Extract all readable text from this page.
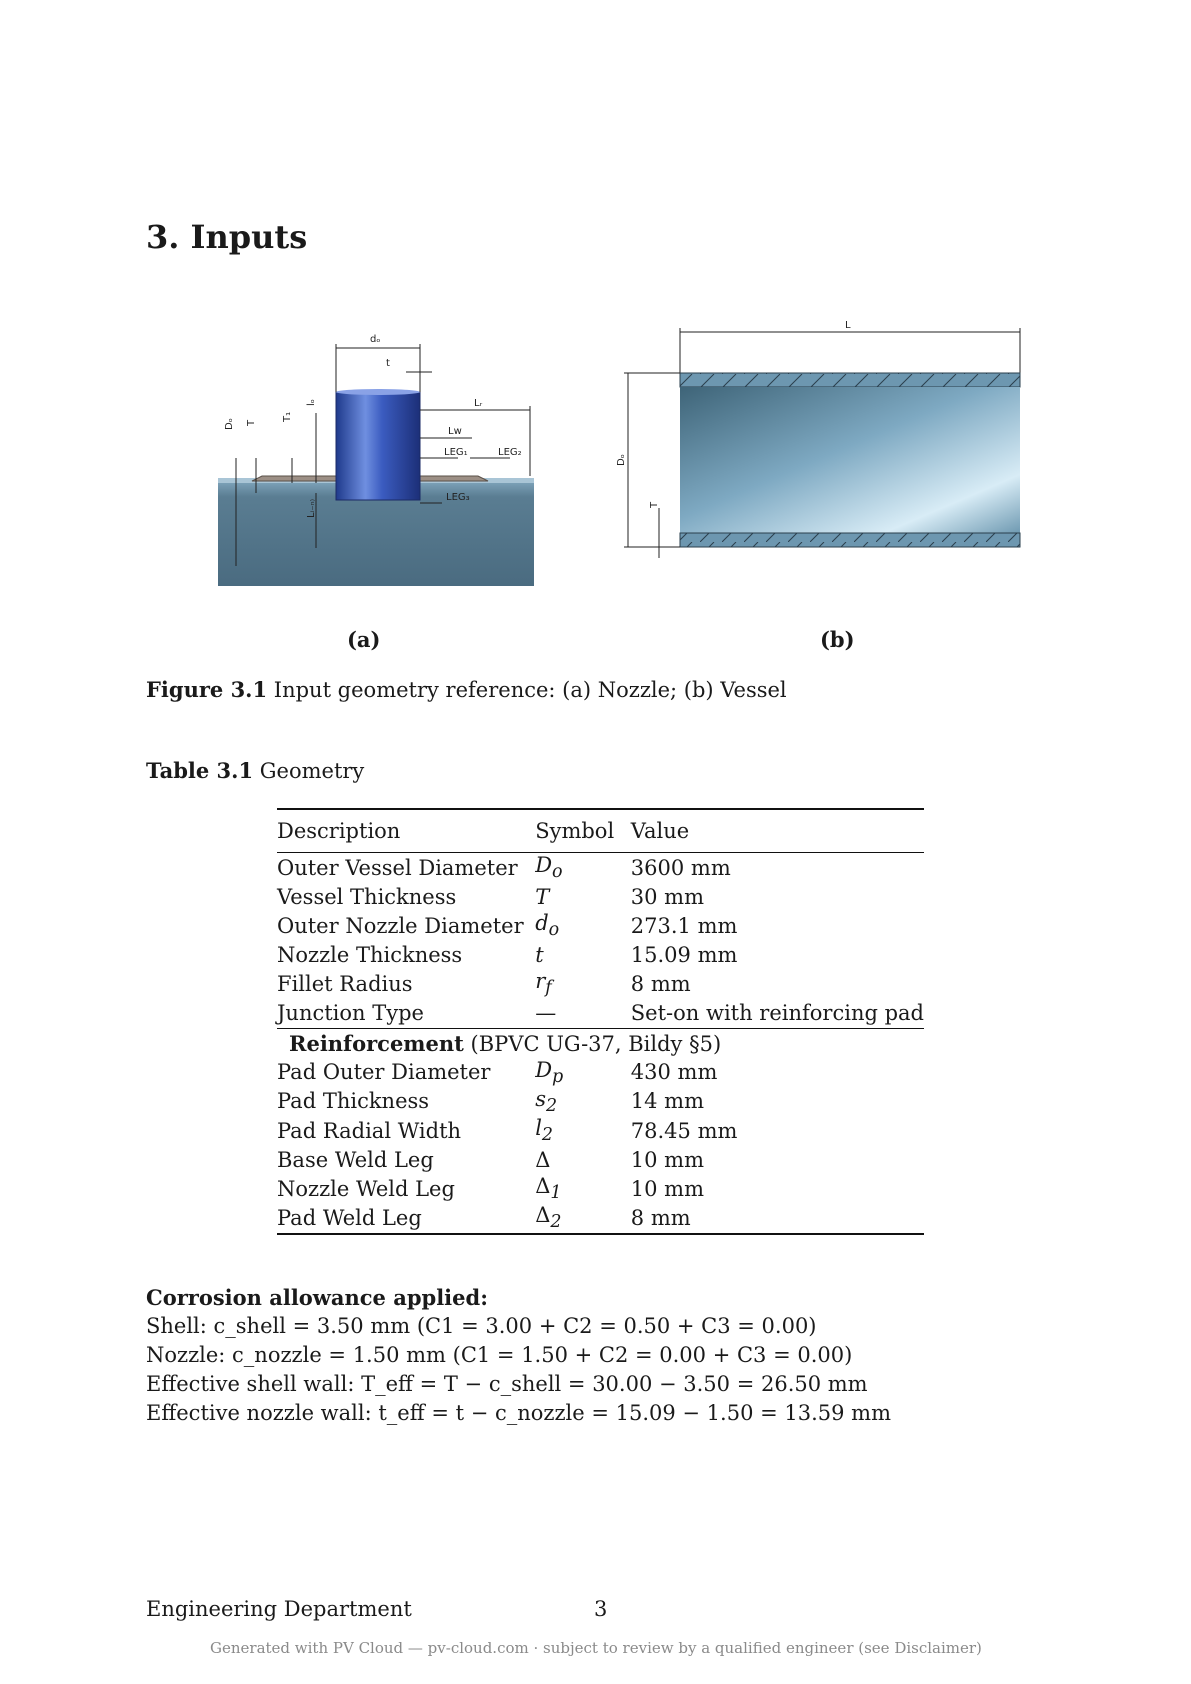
3. Inputs
dₒ
t
Lᵣ
Lw
LEG₁	LEG₂
LEG₃
Dₒ T
T₁
lₒ
Lᵢ₋ₙ₎
L
Dₒ
T
(a)	(b)
Figure 3.1 Input geometry reference: (a) Nozzle; (b) Vessel
Table 3.1 Geometry
Description	Symbol	Value
Outer Vessel Diameter	$D_o$	3600 mm
Vessel Thickness	T	30 mm
Outer Nozzle Diameter	$d_o$	273.1 mm
Nozzle Thickness	t	15.09 mm
Fillet Radius	$r_f$	8 mm
Junction Type	—	Set-on with reinforcing pad
Reinforcement (BPVC UG-37, Bildy §5)		
Pad Outer Diameter	$D_p$	430 mm
Pad Thickness	$s_2$	14 mm
Pad Radial Width	$l_2$	78.45 mm
Base Weld Leg	Δ	10 mm
Nozzle Weld Leg	$\Delta_1$	10 mm
Pad Weld Leg	$\Delta_2$	8 mm
Corrosion allowance applied:
Shell: c_shell = 3.50 mm (C1 = 3.00 + C2 = 0.50 + C3 = 0.00)
Nozzle: c_nozzle = 1.50 mm (C1 = 1.50 + C2 = 0.00 + C3 = 0.00)
Effective shell wall: T_eff = T − c_shell = 30.00 − 3.50 = 26.50 mm
Effective nozzle wall: t_eff = t − c_nozzle = 15.09 − 1.50 = 13.59 mm
Engineering Department	3
Generated with PV Cloud — pv-cloud.com · subject to review by a qualified engineer (see Disclaimer)
